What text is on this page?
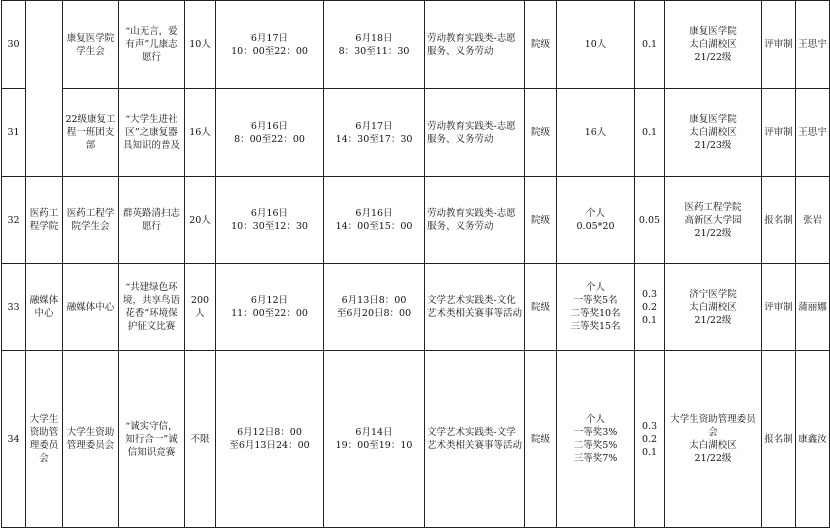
30		康复医学院学生会	“山无言，爱有声”儿康志愿行	10人	6月17日
10：00至22：00	6月18日
8：30至11：30	劳动教育实践类-志愿服务、义务劳动	院级	10人	0.1	康复医学院
太白湖校区
21/22级	评审制	王思宇
31		22级康复工程一班团支部	“大学生进社区”之康复器具知识的普及	16人	6月16日
8：00至22：00	6月17日
14：30至17：30	劳动教育实践类-志愿服务、义务劳动	院级	16人	0.1	康复医学院
太白湖校区
21/23级	评审制	王思宇
32	医药工程学院	医药工程学院学生会	群英路清扫志愿行	20人	6月16日
10：30至12：30	6月16日
14：00至15：00	劳动教育实践类-志愿服务、义务劳动	院级	个人
0.05*20	0.05	医药工程学院
高新区大学园
21/22级	报名制	张岩
33	融媒体中心	融媒体中心	“共建绿色环境，共享鸟语花香”环境保护征文比赛	200人	6月12日
11：00至22：00	6月13日8：00
至6月20日8：00	文学艺术实践类-文化艺术类相关赛事等活动	院级	个人
一等奖5名
二等奖10名
三等奖15名	0.3
0.2
0.1	济宁医学院
太白湖校区
21/22级	评审制	蒲丽娜
34	大学生资助管理委员会	大学生资助管理委员会	“诚实守信，知行合一”诚信知识竞赛	不限	6月12日8：00
至6月13日24：00	6月14日
19：00至19：10	文学艺术实践类-文学艺术类相关赛事等活动	院级	个人
一等奖3%
二等奖5%
三等奖7%	0.3
0.2
0.1	大学生资助管理委员会
太白湖校区
21/22级	报名制	康鑫汝
